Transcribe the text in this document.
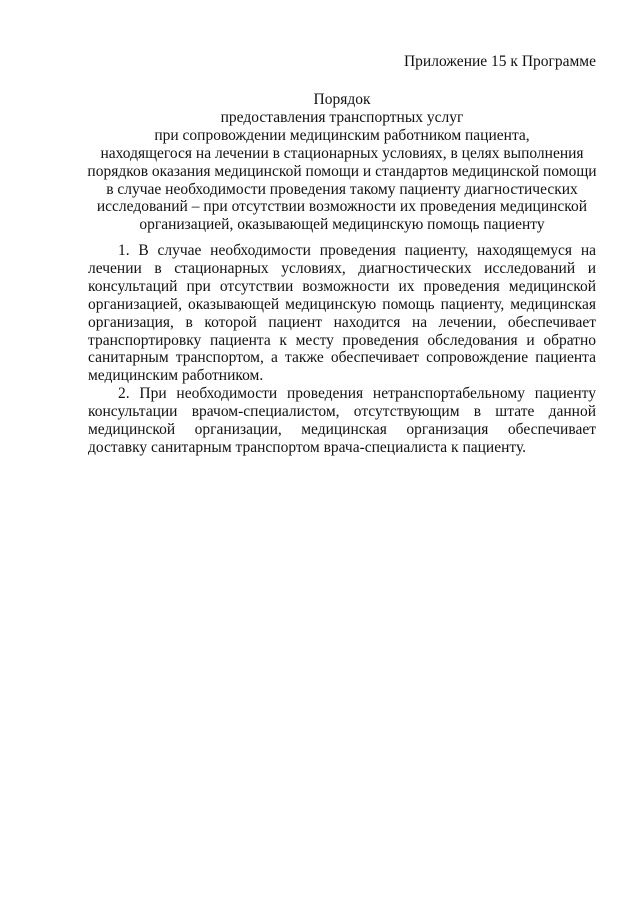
Приложение 15 к Программе
Порядок
предоставления транспортных услуг
при сопровождении медицинским работником пациента,
находящегося на лечении в стационарных условиях, в целях выполнения
порядков оказания медицинской помощи и стандартов медицинской помощи
в случае необходимости проведения такому пациенту диагностических
исследований – при отсутствии возможности их проведения медицинской
организацией, оказывающей медицинскую помощь пациенту

1. В случае необходимости проведения пациенту, находящемуся на лечении в стационарных условиях, диагностических исследований и консультаций при отсутствии возможности их проведения медицинской организацией, оказывающей медицинскую помощь пациенту, медицинская организация, в которой пациент находится на лечении, обеспечивает транспортировку пациента к месту проведения обследования и обратно санитарным транспортом, а также обеспечивает сопровождение пациента медицинским работником.

2. При необходимости проведения нетранспортабельному пациенту консультации врачом-специалистом, отсутствующим в штате данной медицинской организации, медицинская организация обеспечивает доставку санитарным транспортом врача-специалиста к пациенту.
